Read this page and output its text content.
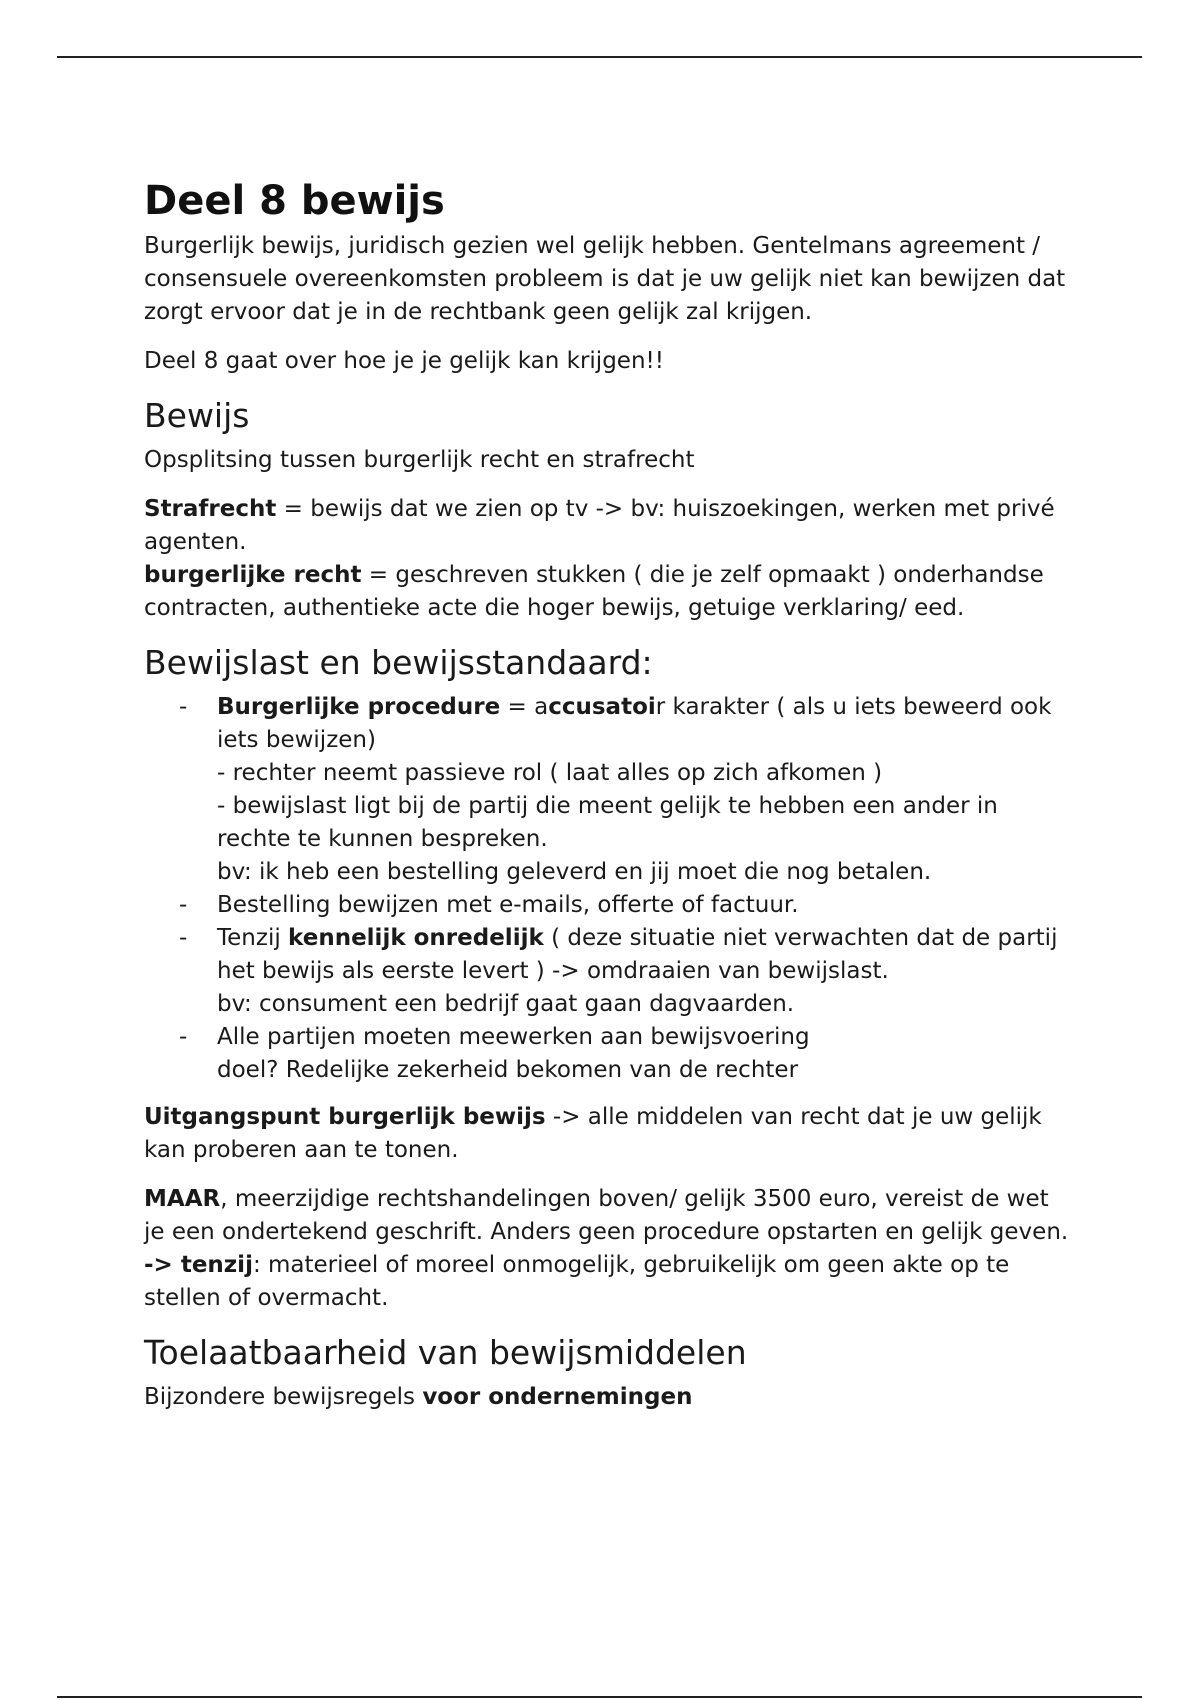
Deel 8 bewijs

Burgerlijk bewijs, juridisch gezien wel gelijk hebben. Gentelmans agreement / consensuele overeenkomsten probleem is dat je uw gelijk niet kan bewijzen dat zorgt ervoor dat je in de rechtbank geen gelijk zal krijgen.

Deel 8 gaat over hoe je je gelijk kan krijgen!!

Bewijs

Opsplitsing tussen burgerlijk recht en strafrecht

Strafrecht = bewijs dat we zien op tv -> bv: huiszoekingen, werken met privé agenten.

burgerlijke recht = geschreven stukken ( die je zelf opmaakt ) onderhandse contracten, authentieke acte die hoger bewijs, getuige verklaring/ eed.

Bewijslast en bewijsstandaard:
- Burgerlijke procedure = accusatoir karakter ( als u iets beweerd ook iets bewijzen)
- rechter neemt passieve rol ( laat alles op zich afkomen )
- bewijslast ligt bij de partij die meent gelijk te hebben een ander in rechte te kunnen bespreken.
bv: ik heb een bestelling geleverd en jij moet die nog betalen.
- Bestelling bewijzen met e-mails, offerte of factuur.
- Tenzij kennelijk onredelijk ( deze situatie niet verwachten dat de partij het bewijs als eerste levert ) -> omdraaien van bewijslast.
bv: consument een bedrijf gaat gaan dagvaarden.
- Alle partijen moeten meewerken aan bewijsvoering
doel? Redelijke zekerheid bekomen van de rechter

Uitgangspunt burgerlijk bewijs -> alle middelen van recht dat je uw gelijk kan proberen aan te tonen.

MAAR, meerzijdige rechtshandelingen boven/ gelijk 3500 euro, vereist de wet je een ondertekend geschrift. Anders geen procedure opstarten en gelijk geven.

-> tenzij: materieel of moreel onmogelijk, gebruikelijk om geen akte op te stellen of overmacht.

Toelaatbaarheid van bewijsmiddelen

Bijzondere bewijsregels voor ondernemingen
